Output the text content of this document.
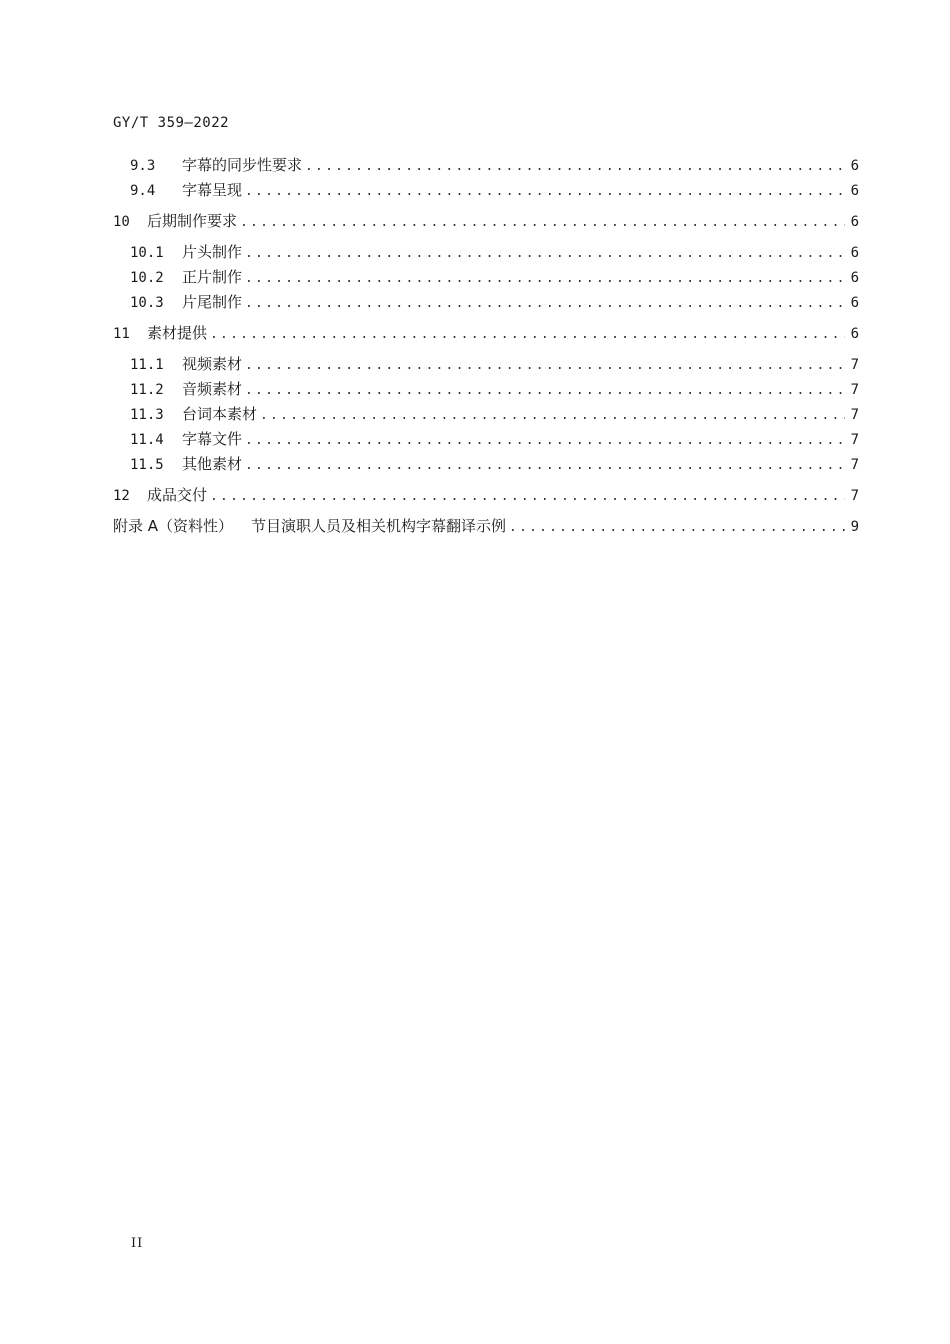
GY/T 359—2022
9.3	字幕的同步性要求 .....	6
9.4	字幕呈现 .....	6
10	后期制作要求 .....	6
10.1	片头制作 .....	6
10.2	正片制作 .....	6
10.3	片尾制作 .....	6
11	素材提供 .....	6
11.1	视频素材 .....	7
11.2	音频素材 .....	7
11.3	台词本素材 .....	7
11.4	字幕文件 .....	7
11.5	其他素材 .....	7
12	成品交付 .....	7
附录 A（资料性） 节目演职人员及相关机构字幕翻译示例 .....	9
II
